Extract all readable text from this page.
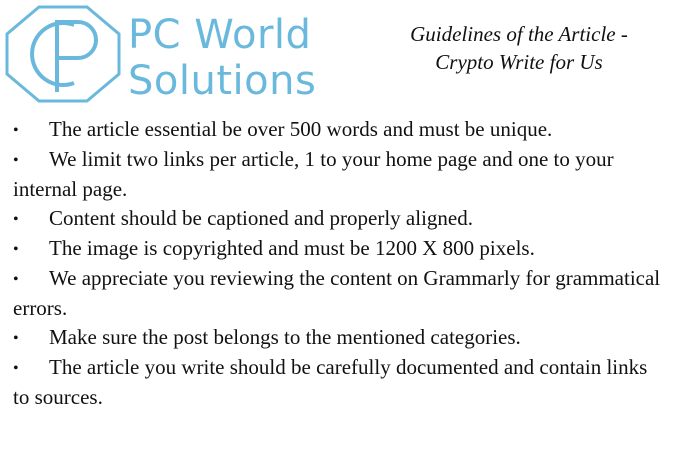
PC World
Solutions
Guidelines of the Article -
Crypto Write for Us
• The article essential be over 500 words and must be unique.
• We limit two links per article, 1 to your home page and one to your internal page.
• Content should be captioned and properly aligned.
• The image is copyrighted and must be 1200 X 800 pixels.
• We appreciate you reviewing the content on Grammarly for grammatical errors.
• Make sure the post belongs to the mentioned categories.
• The article you write should be carefully documented and contain links to sources.
